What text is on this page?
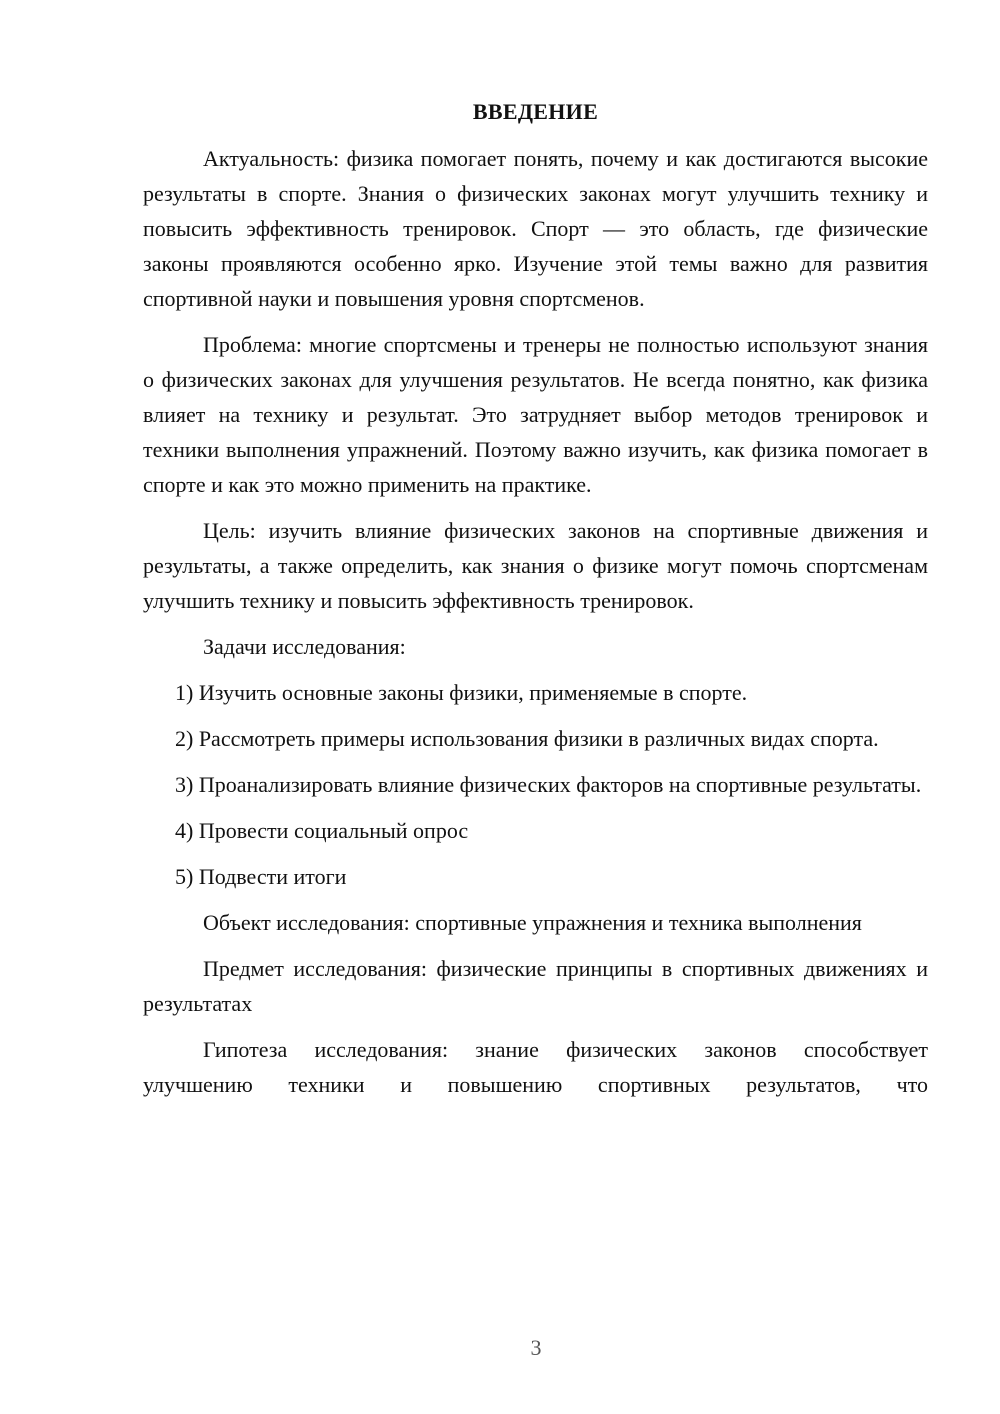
ВВЕДЕНИЕ

Актуальность: физика помогает понять, почему и как достигаются высокие результаты в спорте. Знания о физических законах могут улучшить технику и повысить эффективность тренировок. Спорт — это область, где физические законы проявляются особенно ярко. Изучение этой темы важно для развития спортивной науки и повышения уровня спортсменов.

Проблема: многие спортсмены и тренеры не полностью используют знания о физических законах для улучшения результатов. Не всегда понятно, как физика влияет на технику и результат. Это затрудняет выбор методов тренировок и техники выполнения упражнений. Поэтому важно изучить, как физика помогает в спорте и как это можно применить на практике.

Цель: изучить влияние физических законов на спортивные движения и результаты, а также определить, как знания о физике могут помочь спортсменам улучшить технику и повысить эффективность тренировок.

Задачи исследования:

1) Изучить основные законы физики, применяемые в спорте.

2) Рассмотреть примеры использования физики в различных видах спорта.

3) Проанализировать влияние физических факторов на спортивные результаты.

4) Провести социальный опрос

5) Подвести итоги

Объект исследования: спортивные упражнения и техника выполнения

Предмет исследования: физические принципы в спортивных движениях и результатах

Гипотеза исследования: знание физических законов способствует улучшению техники и повышению спортивных результатов, что

3
